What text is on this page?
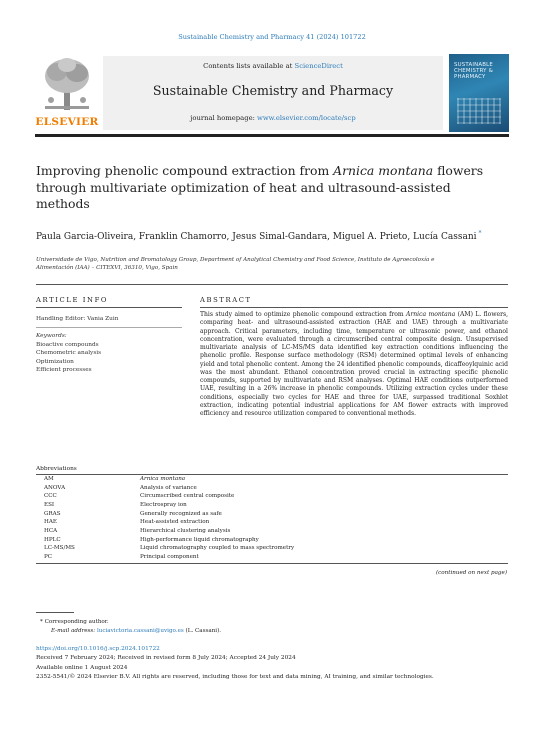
Sustainable Chemistry and Pharmacy 41 (2024) 101722
ELSEVIER
Contents lists available at ScienceDirect
Sustainable Chemistry and Pharmacy
journal homepage: www.elsevier.com/locate/scp
SUSTAINABLE CHEMISTRY & PHARMACY
Improving phenolic compound extraction from Arnica montana flowers through multivariate optimization of heat and ultrasound-assisted methods
Paula Garcia-Oliveira, Franklin Chamorro, Jesus Simal-Gandara, Miguel A. Prieto, Lucía Cassani *
Universidade de Vigo, Nutrition and Bromatology Group, Department of Analytical Chemistry and Food Science, Instituto de Agroecoloxía e Alimentación (IAA) – CITEXVI, 36310, Vigo, Spain
ARTICLE INFO	ABSTRACT
Handling Editor: Vania Zuin
Keywords:
Bioactive compounds
Chemometric analysis
Optimization
Efficient processes
This study aimed to optimize phenolic compound extraction from Arnica montana (AM) L. flowers, comparing heat- and ultrasound-assisted extraction (HAE and UAE) through a multivariate approach. Critical parameters, including time, temperature or ultrasonic power, and ethanol concentration, were evaluated through a circumscribed central composite design. Unsupervised multivariate analysis of LC-MS/MS data identified key extraction conditions influencing the phenolic profile. Response surface methodology (RSM) determined optimal levels of enhancing yield and total phenolic content. Among the 24 identified phenolic compounds, dicaffeoylquinic acid was the most abundant. Ethanol concentration proved crucial in extracting specific phenolic compounds, supported by multivariate and RSM analyses. Optimal HAE conditions outperformed UAE, resulting in a 26% increase in phenolic compounds. Utilizing extraction cycles under these conditions, especially two cycles for HAE and three for UAE, surpassed traditional Soxhlet extraction, indicating potential industrial applications for AM flower extracts with improved efficiency and resource utilization compared to conventional methods.
Abbreviations
AM	Arnica montana
ANOVA	Analysis of variance
CCC	Circumscribed central composite
ESI	Electrospray ion
GRAS	Generally recognized as safe
HAE	Heat-assisted extraction
HCA	Hierarchical clustering analysis
HPLC	High-performance liquid chromatography
LC-MS/MS	Liquid chromatography coupled to mass spectrometry
PC	Principal component
(continued on next page)
* Corresponding author.
E-mail address: luciavictoria.cassani@uvigo.es (L. Cassani).
https://doi.org/10.1016/j.scp.2024.101722
Received 7 February 2024; Received in revised form 8 July 2024; Accepted 24 July 2024
Available online 1 August 2024
2352-5541/© 2024 Elsevier B.V. All rights are reserved, including those for text and data mining, AI training, and similar technologies.
